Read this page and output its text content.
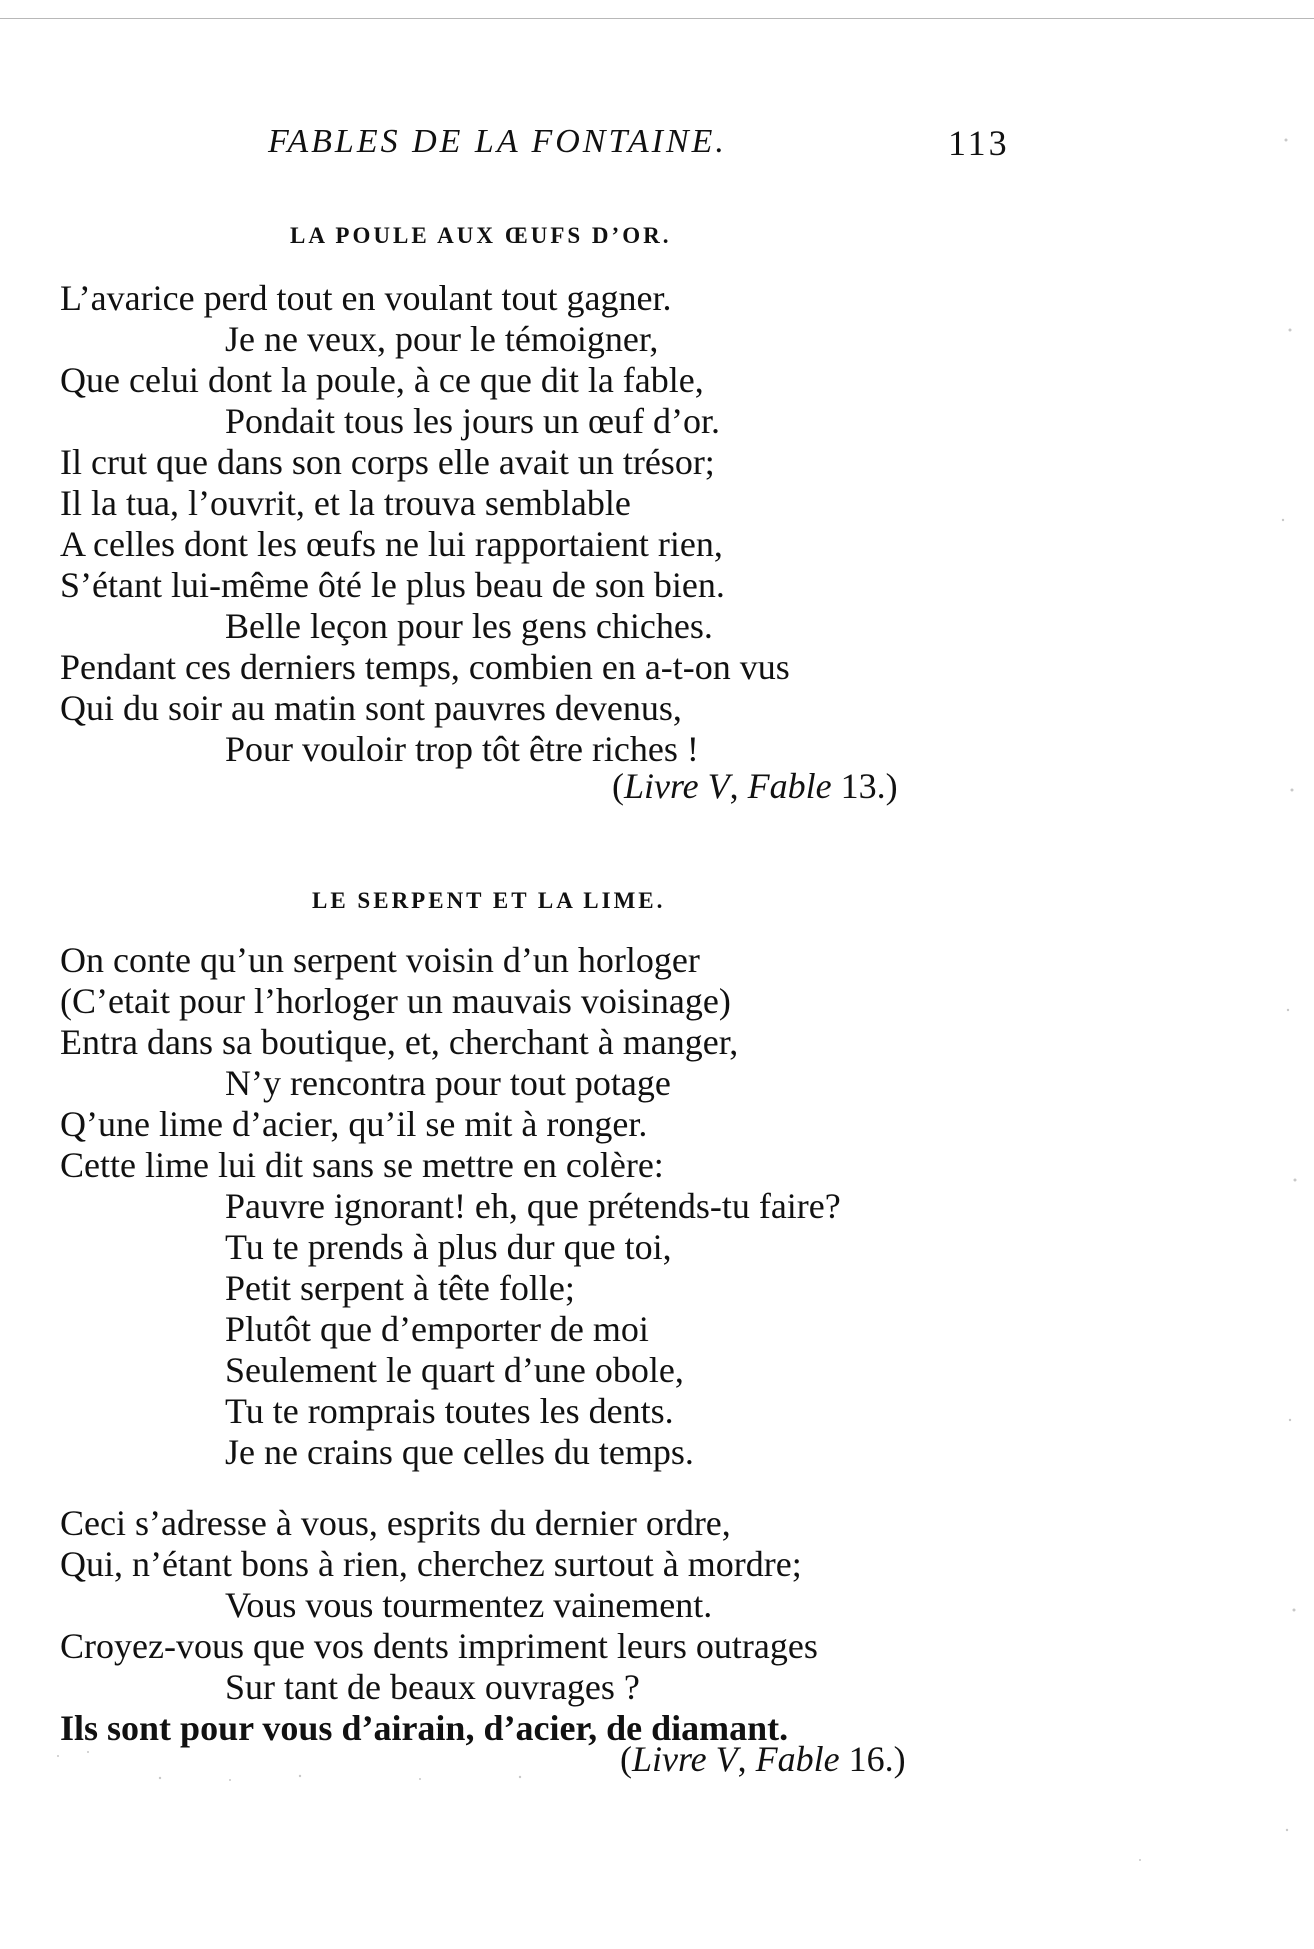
FABLES DE LA FONTAINE.	113
LA POULE AUX ŒUFS D’OR.
L’avarice perd tout en voulant tout gagner.
Je ne veux, pour le témoigner,
Que celui dont la poule, à ce que dit la fable,
Pondait tous les jours un œuf d’or.
Il crut que dans son corps elle avait un trésor;
Il la tua, l’ouvrit, et la trouva semblable
A celles dont les œufs ne lui rapportaient rien,
S’étant lui-même ôté le plus beau de son bien.
Belle leçon pour les gens chiches.
Pendant ces derniers temps, combien en a-t-on vus
Qui du soir au matin sont pauvres devenus,
Pour vouloir trop tôt être riches !
(Livre V, Fable 13.)
LE SERPENT ET LA LIME.
On conte qu’un serpent voisin d’un horloger
(C’etait pour l’horloger un mauvais voisinage)
Entra dans sa boutique, et, cherchant à manger,
N’y rencontra pour tout potage
Q’une lime d’acier, qu’il se mit à ronger.
Cette lime lui dit sans se mettre en colère:
Pauvre ignorant! eh, que prétends-tu faire?
Tu te prends à plus dur que toi,
Petit serpent à tête folle;
Plutôt que d’emporter de moi
Seulement le quart d’une obole,
Tu te romprais toutes les dents.
Je ne crains que celles du temps.
Ceci s’adresse à vous, esprits du dernier ordre,
Qui, n’étant bons à rien, cherchez surtout à mordre;
Vous vous tourmentez vainement.
Croyez-vous que vos dents impriment leurs outrages
Sur tant de beaux ouvrages ?
Ils sont pour vous d’airain, d’acier, de diamant.
(Livre V, Fable 16.)
